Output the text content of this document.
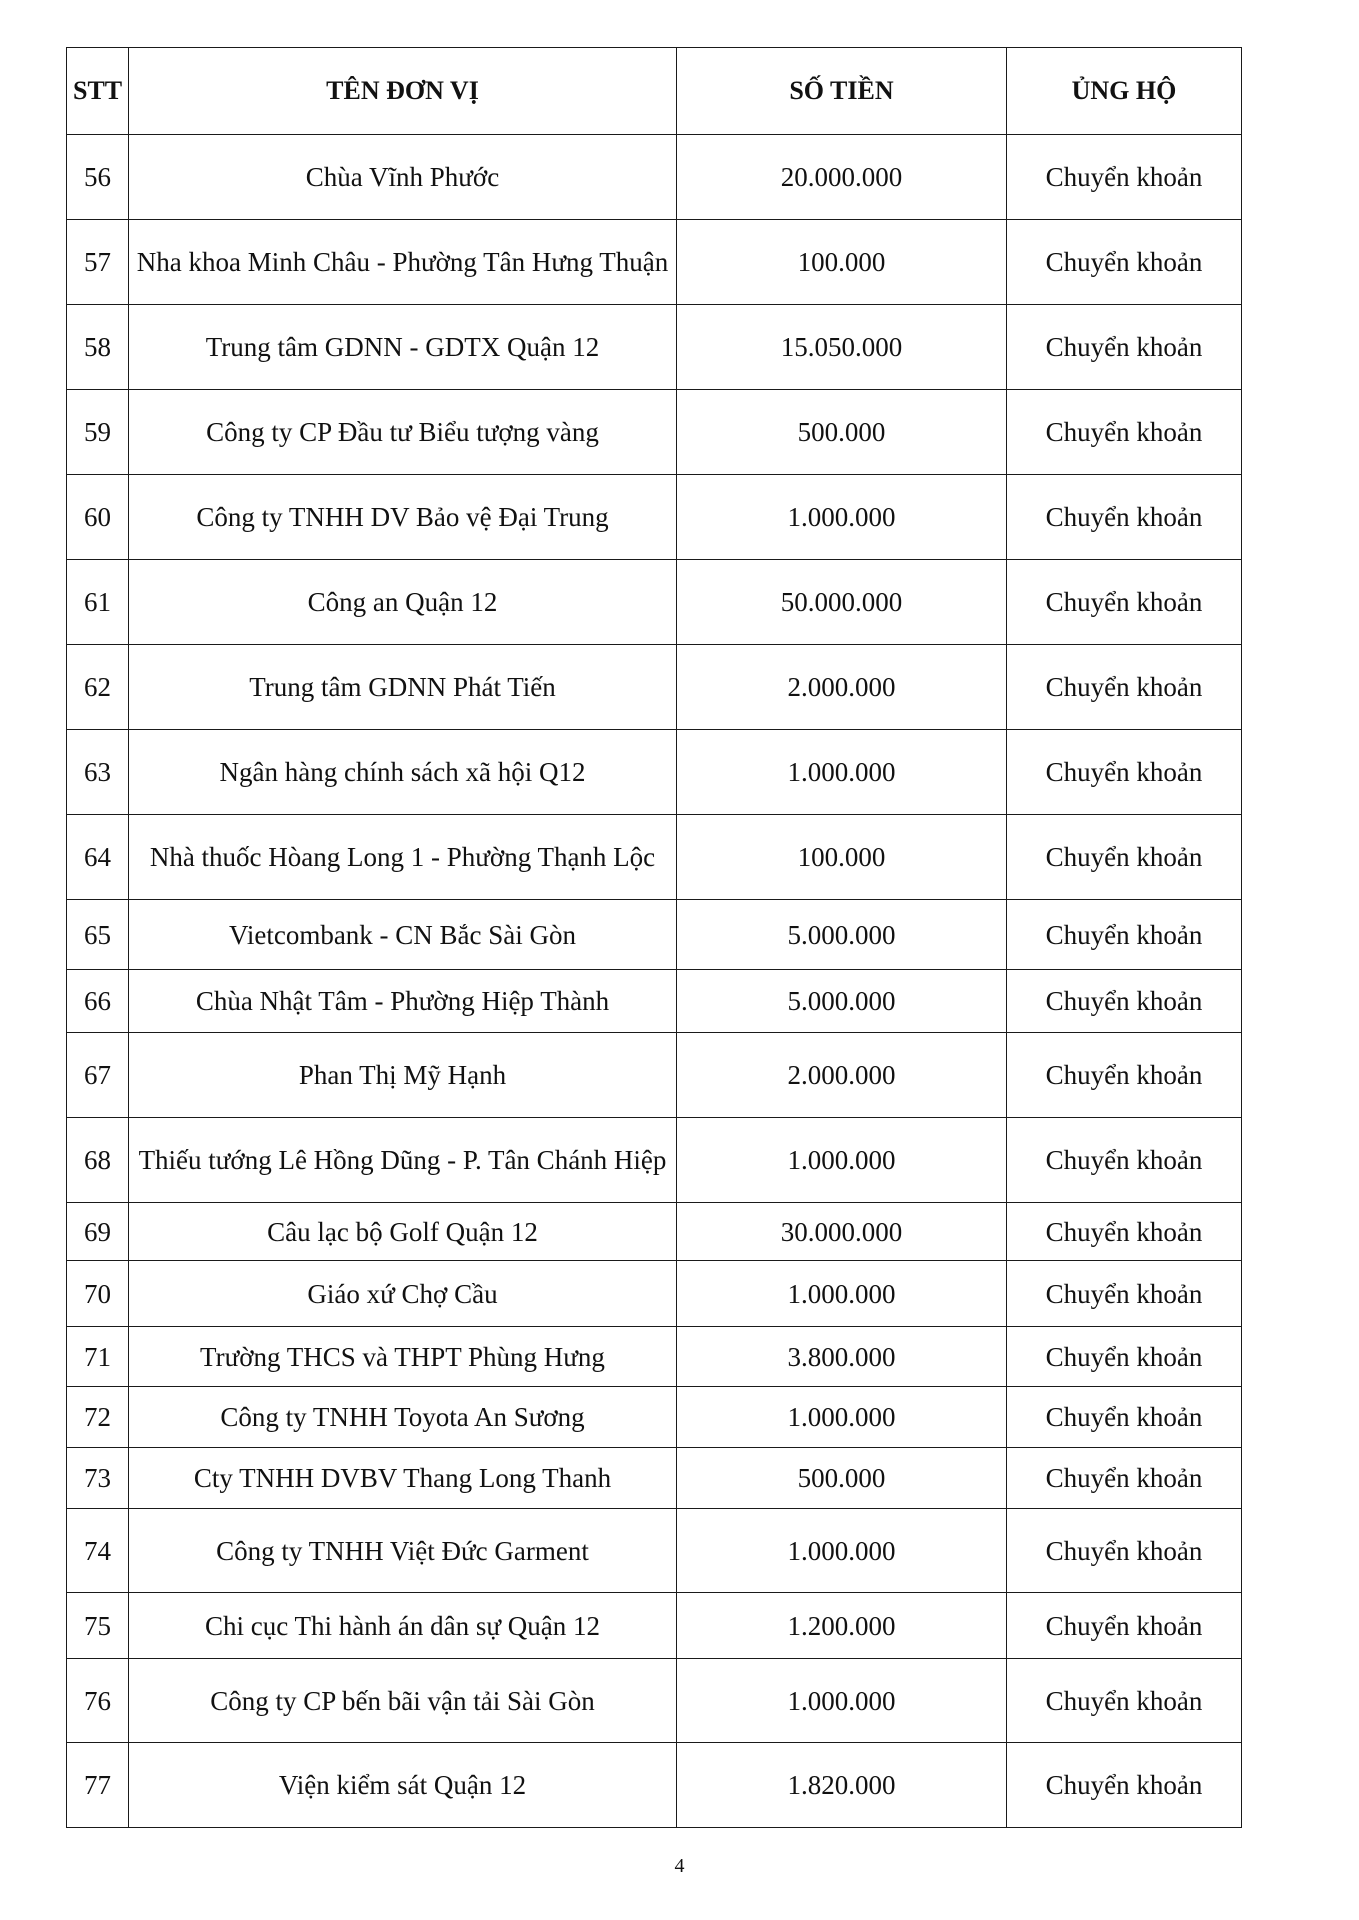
STT	TÊN ĐƠN VỊ	SỐ TIỀN	ỦNG HỘ
56	Chùa Vĩnh Phước	20.000.000	Chuyển khoản
57	Nha khoa Minh Châu - Phường Tân Hưng Thuận	100.000	Chuyển khoản
58	Trung tâm GDNN - GDTX Quận 12	15.050.000	Chuyển khoản
59	Công ty CP Đầu tư Biểu tượng vàng	500.000	Chuyển khoản
60	Công ty TNHH DV Bảo vệ Đại Trung	1.000.000	Chuyển khoản
61	Công an Quận 12	50.000.000	Chuyển khoản
62	Trung tâm GDNN Phát Tiến	2.000.000	Chuyển khoản
63	Ngân hàng chính sách xã hội Q12	1.000.000	Chuyển khoản
64	Nhà thuốc Hòang Long 1 - Phường Thạnh Lộc	100.000	Chuyển khoản
65	Vietcombank - CN Bắc Sài Gòn	5.000.000	Chuyển khoản
66	Chùa Nhật Tâm - Phường Hiệp Thành	5.000.000	Chuyển khoản
67	Phan Thị Mỹ Hạnh	2.000.000	Chuyển khoản
68	Thiếu tướng Lê Hồng Dũng - P. Tân Chánh Hiệp	1.000.000	Chuyển khoản
69	Câu lạc bộ Golf Quận 12	30.000.000	Chuyển khoản
70	Giáo xứ Chợ Cầu	1.000.000	Chuyển khoản
71	Trường THCS và THPT Phùng Hưng	3.800.000	Chuyển khoản
72	Công ty TNHH Toyota An Sương	1.000.000	Chuyển khoản
73	Cty TNHH DVBV Thang Long Thanh	500.000	Chuyển khoản
74	Công ty TNHH Việt Đức Garment	1.000.000	Chuyển khoản
75	Chi cục Thi hành án dân sự Quận 12	1.200.000	Chuyển khoản
76	Công ty CP bến bãi vận tải Sài Gòn	1.000.000	Chuyển khoản
77	Viện kiểm sát Quận 12	1.820.000	Chuyển khoản
4
